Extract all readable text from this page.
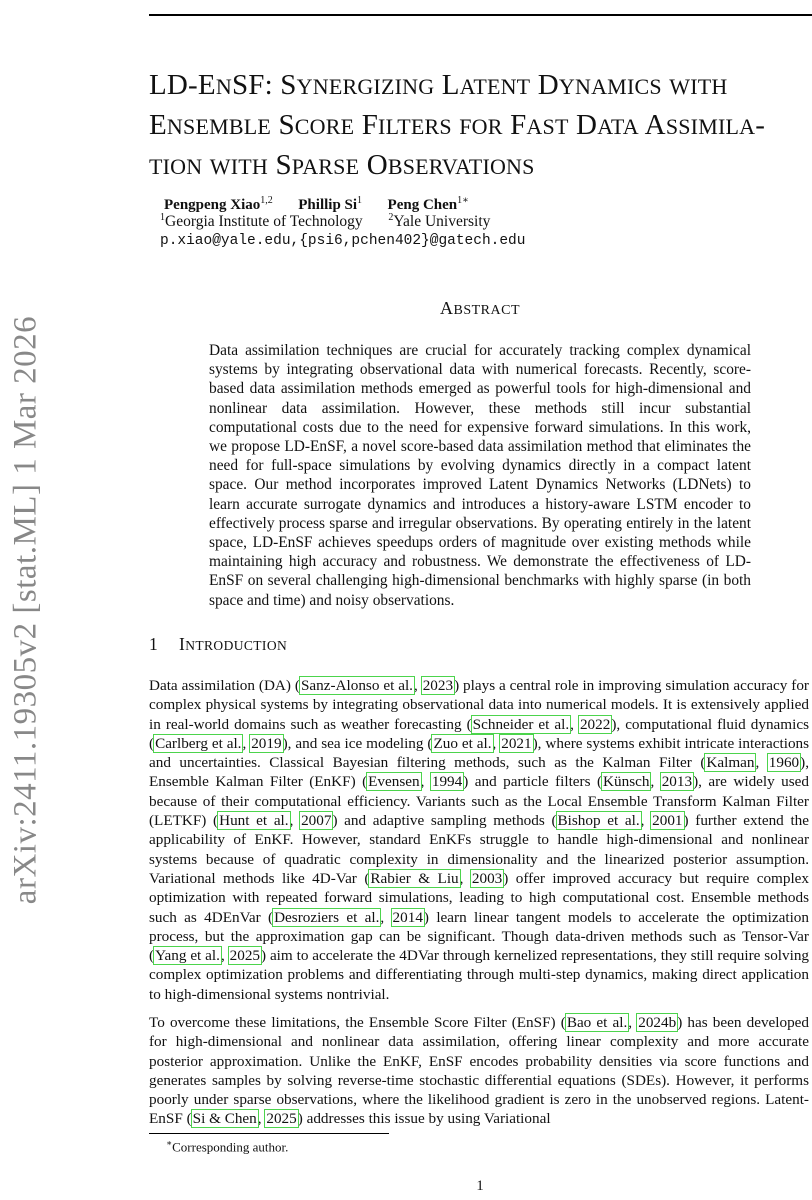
arXiv:2411.19305v2 [stat.ML] 1 Mar 2026
LD-ENSF: SYNERGIZING LATENT DYNAMICS WITH
ENSEMBLE SCORE FILTERS FOR FAST DATA ASSIMILA-
TION WITH SPARSE OBSERVATIONS
Pengpeng Xiao$^{1,2}$ Phillip Si$^1$ Peng Chen$^{1∗}$
$^1$Georgia Institute of Technology	$^2$Yale University
p.xiao@yale.edu,{psi6,pchen402}@gatech.edu
ABSTRACT

Data assimilation techniques are crucial for accurately tracking complex dynamical systems by integrating observational data with numerical forecasts. Recently, score-based data assimilation methods emerged as powerful tools for high-dimensional and nonlinear data assimilation. However, these methods still incur substantial computational costs due to the need for expensive forward simulations. In this work, we propose LD-EnSF, a novel score-based data assimilation method that eliminates the need for full-space simulations by evolving dynamics directly in a compact latent space. Our method incorporates improved Latent Dynamics Networks (LDNets) to learn accurate surrogate dynamics and introduces a history-aware LSTM encoder to effectively process sparse and irregular observations. By operating entirely in the latent space, LD-EnSF achieves speedups orders of magnitude over existing methods while maintaining high accuracy and robustness. We demonstrate the effectiveness of LD-EnSF on several challenging high-dimensional benchmarks with highly sparse (in both space and time) and noisy observations.

1 INTRODUCTION

Data assimilation (DA) (Sanz-Alonso et al., 2023) plays a central role in improving simulation accuracy for complex physical systems by integrating observational data into numerical models. It is extensively applied in real-world domains such as weather forecasting (Schneider et al., 2022), computational fluid dynamics (Carlberg et al., 2019), and sea ice modeling (Zuo et al., 2021), where systems exhibit intricate interactions and uncertainties. Classical Bayesian filtering methods, such as the Kalman Filter (Kalman, 1960), Ensemble Kalman Filter (EnKF) (Evensen, 1994) and particle filters (Künsch, 2013), are widely used because of their computational efficiency. Variants such as the Local Ensemble Transform Kalman Filter (LETKF) (Hunt et al., 2007) and adaptive sampling methods (Bishop et al., 2001) further extend the applicability of EnKF. However, standard EnKFs struggle to handle high-dimensional and nonlinear systems because of quadratic complexity in dimensionality and the linearized posterior assumption. Variational methods like 4D-Var (Rabier & Liu, 2003) offer improved accuracy but require complex optimization with repeated forward simulations, leading to high computational cost. Ensemble methods such as 4DEnVar (Desroziers et al., 2014) learn linear tangent models to accelerate the optimization process, but the approximation gap can be significant. Though data-driven methods such as Tensor-Var (Yang et al., 2025) aim to accelerate the 4DVar through kernelized representations, they still require solving complex optimization problems and differentiating through multi-step dynamics, making direct application to high-dimensional systems nontrivial.

To overcome these limitations, the Ensemble Score Filter (EnSF) (Bao et al., 2024b) has been developed for high-dimensional and nonlinear data assimilation, offering linear complexity and more accurate posterior approximation. Unlike the EnKF, EnSF encodes probability densities via score functions and generates samples by solving reverse-time stochastic differential equations (SDEs). However, it performs poorly under sparse observations, where the likelihood gradient is zero in the unobserved regions. Latent-EnSF (Si & Chen, 2025) addresses this issue by using Variational

∗Corresponding author.
1
